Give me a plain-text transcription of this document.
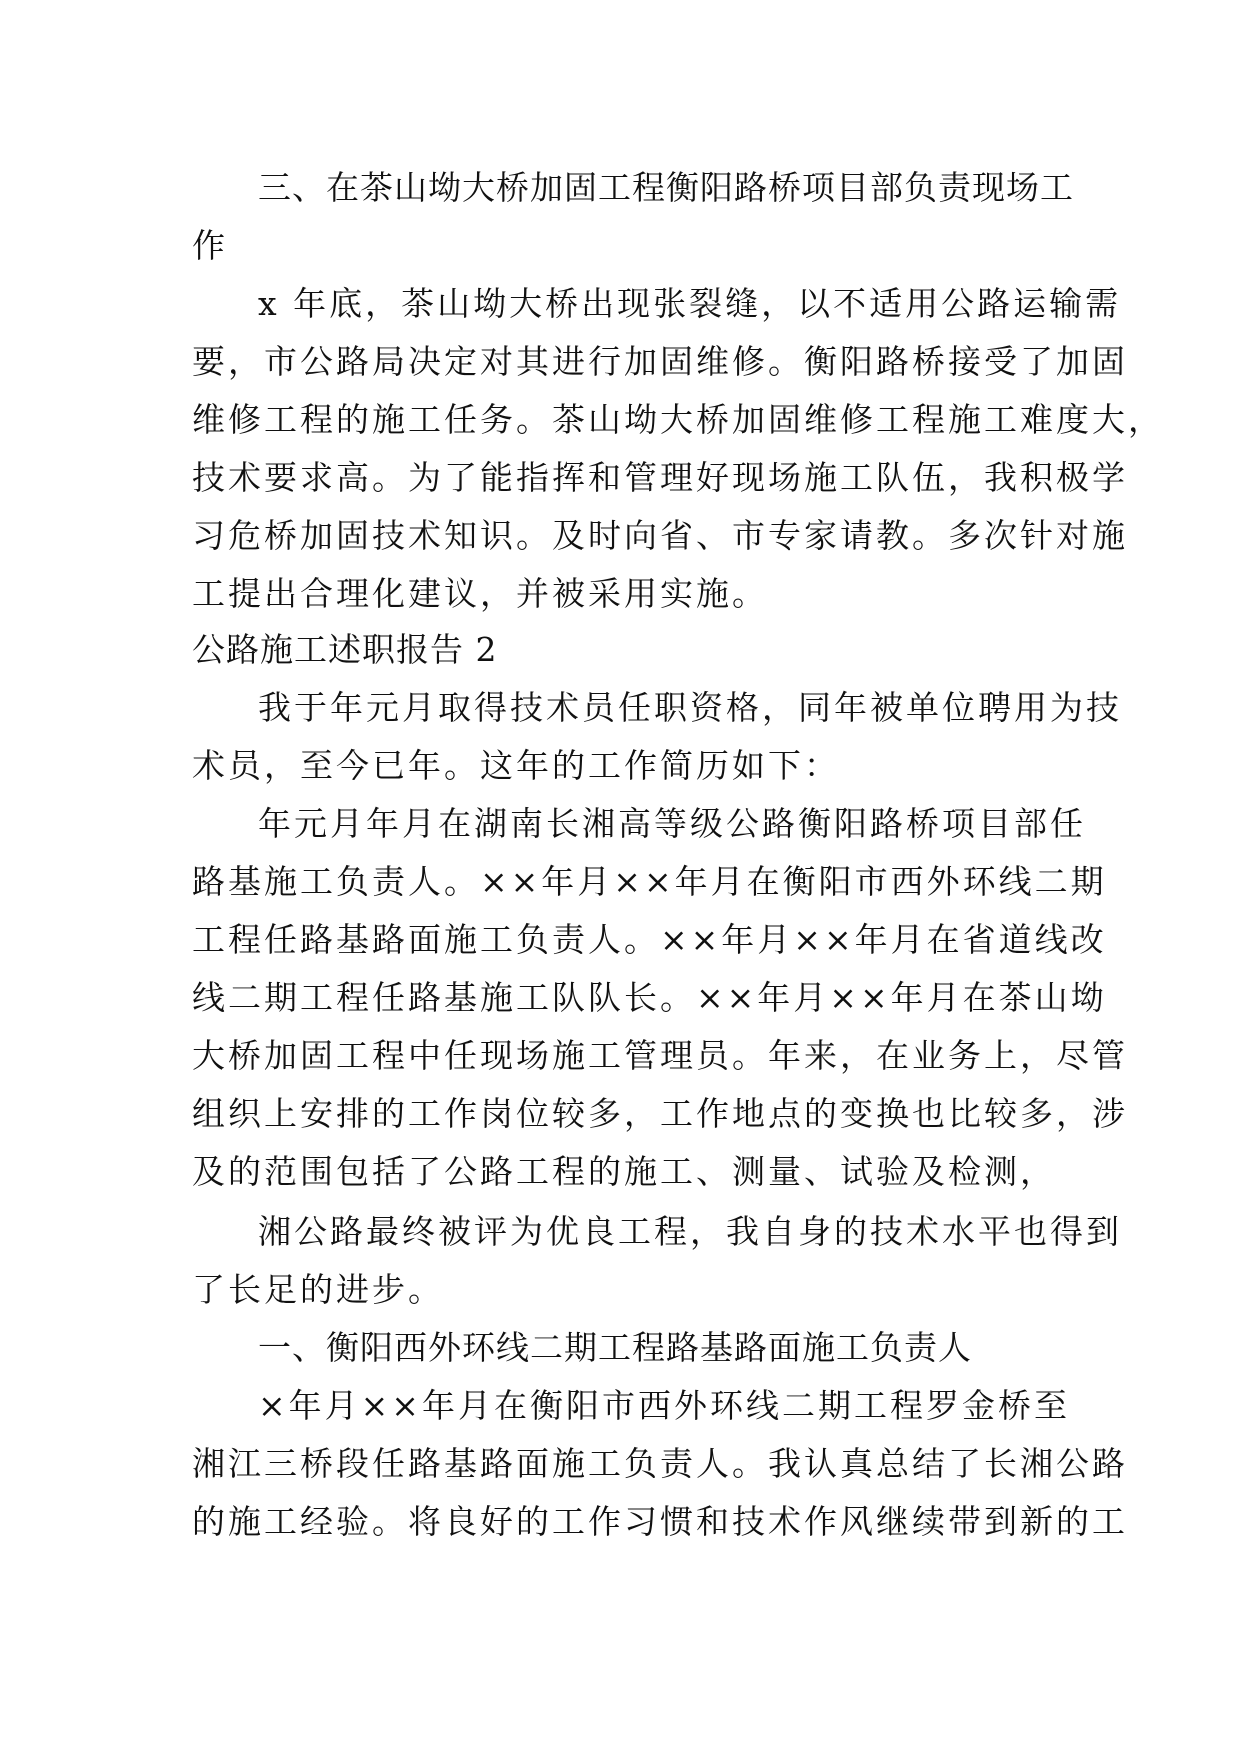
三、在茶山坳大桥加固工程衡阳路桥项目部负责现场工
作
x 年底，茶山坳大桥出现张裂缝，以不适用公路运输需
要，市公路局决定对其进行加固维修。衡阳路桥接受了加固
维修工程的施工任务。茶山坳大桥加固维修工程施工难度大，
技术要求高。为了能指挥和管理好现场施工队伍，我积极学
习危桥加固技术知识。及时向省、市专家请教。多次针对施
工提出合理化建议，并被采用实施。
公路施工述职报告 2
我于年元月取得技术员任职资格，同年被单位聘用为技
术员，至今已年。这年的工作简历如下：
年元月年月在湖南长湘高等级公路衡阳路桥项目部任
路基施工负责人。××年月××年月在衡阳市西外环线二期
工程任路基路面施工负责人。××年月××年月在省道线改
线二期工程任路基施工队队长。××年月××年月在茶山坳
大桥加固工程中任现场施工管理员。年来，在业务上，尽管
组织上安排的工作岗位较多，工作地点的变换也比较多，涉
及的范围包括了公路工程的施工、测量、试验及检测，
湘公路最终被评为优良工程，我自身的技术水平也得到
了长足的进步。
一、衡阳西外环线二期工程路基路面施工负责人
×年月××年月在衡阳市西外环线二期工程罗金桥至
湘江三桥段任路基路面施工负责人。我认真总结了长湘公路
的施工经验。将良好的工作习惯和技术作风继续带到新的工
